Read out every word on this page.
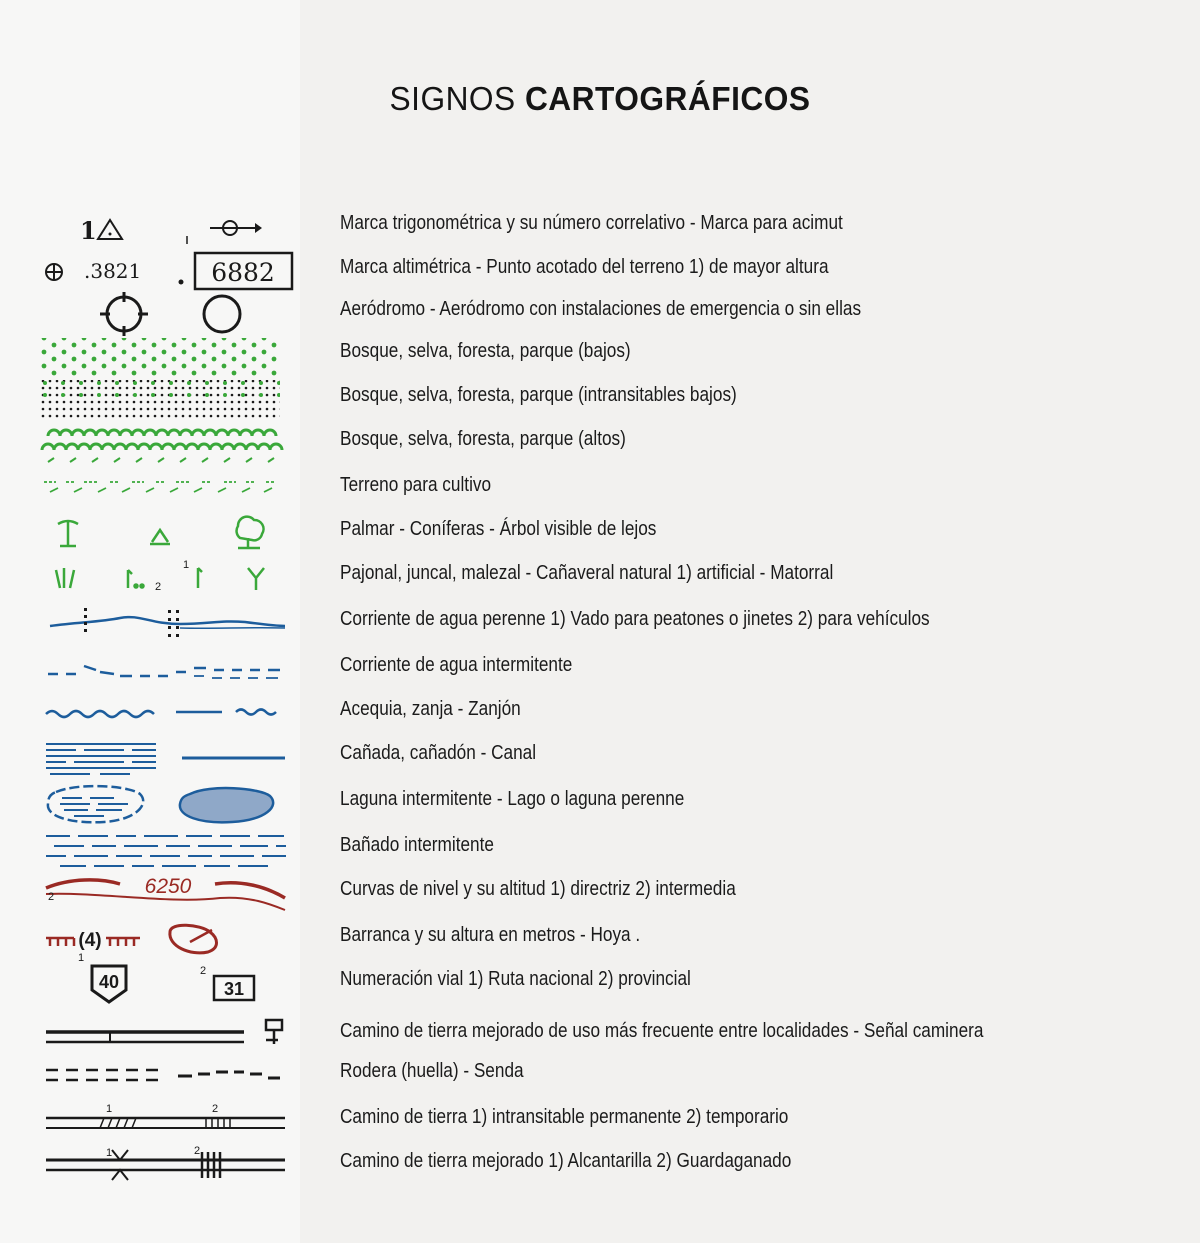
SIGNOS CARTOGRÁFICOS
1	Marca trigonométrica y su número correlativo - Marca para acimut
.3821	6882	Marca altimétrica - Punto acotado del terreno 1) de mayor altura
Aeródromo - Aeródromo con instalaciones de emergencia o sin ellas
Bosque, selva, foresta, parque (bajos)
Bosque, selva, foresta, parque (intransitables bajos)
Bosque, selva, foresta, parque (altos)
Terreno para cultivo
Palmar - Coníferas - Árbol visible de lejos
2
1	Pajonal, juncal, malezal - Cañaveral natural 1) artificial - Matorral
Corriente de agua perenne 1) Vado para peatones o jinetes 2) para vehículos
Corriente de agua intermitente
Acequia, zanja - Zanjón
Cañada, cañadón - Canal
Laguna intermitente - Lago o laguna perenne
Bañado intermitente
6250
2	Curvas de nivel y su altitud 1) directriz 2) intermedia
(4)
1
Barranca y su altura en metros - Hoya .
40	31
2	Numeración vial 1) Ruta nacional 2) provincial
Camino de tierra mejorado de uso más frecuente entre localidades - Señal caminera
Rodera (huella) - Senda
1	2	Camino de tierra 1) intransitable permanente 2) temporario
1	2	Camino de tierra mejorado 1) Alcantarilla 2) Guardaganado
